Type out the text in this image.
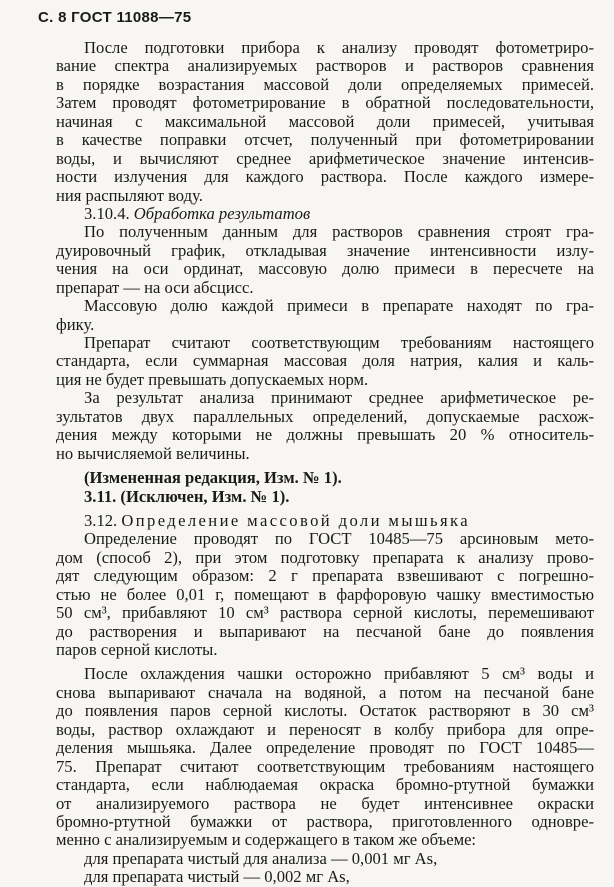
С. 8 ГОСТ 11088—75
После подготовки прибора к анализу проводят фотометриро-
вание спектра анализируемых растворов и растворов сравнения
в порядке возрастания массовой доли определяемых примесей.
Затем проводят фотометрирование в обратной последовательности,
начиная с максимальной массовой доли примесей, учитывая
в качестве поправки отсчет, полученный при фотометрировании
воды, и вычисляют среднее арифметическое значение интенсив-
ности излучения для каждого раствора. После каждого измере-
ния распыляют воду.
3.10.4. Обработка результатов
По полученным данным для растворов сравнения строят гра-
дуировочный график, откладывая значение интенсивности излу-
чения на оси ординат, массовую долю примеси в пересчете на
препарат — на оси абсцисс.
Массовую долю каждой примеси в препарате находят по гра-
фику.
Препарат считают соответствующим требованиям настоящего
стандарта, если суммарная массовая доля натрия, калия и каль-
ция не будет превышать допускаемых норм.
За результат анализа принимают среднее арифметическое ре-
зультатов двух параллельных определений, допускаемые расхож-
дения между которыми не должны превышать 20 % относитель-
но вычисляемой величины.
(Измененная редакция, Изм. № 1).
3.11. (Исключен, Изм. № 1).
3.12. Определение массовой доли мышьяка
Определение проводят по ГОСТ 10485—75 арсиновым мето-
дом (способ 2), при этом подготовку препарата к анализу прово-
дят следующим образом: 2 г препарата взвешивают с погрешно-
стью не более 0,01 г, помещают в фарфоровую чашку вместимостью
50 см³, прибавляют 10 см³ раствора серной кислоты, перемешивают
до растворения и выпаривают на песчаной бане до появления
паров серной кислоты.
После охлаждения чашки осторожно прибавляют 5 см³ воды и
снова выпаривают сначала на водяной, а потом на песчаной бане
до появления паров серной кислоты. Остаток растворяют в 30 см³
воды, раствор охлаждают и переносят в колбу прибора для опре-
деления мышьяка. Далее определение проводят по ГОСТ 10485—
75. Препарат считают соответствующим требованиям настоящего
стандарта, если наблюдаемая окраска бромно-ртутной бумажки
от анализируемого раствора не будет интенсивнее окраски
бромно-ртутной бумажки от раствора, приготовленного одновре-
менно с анализируемым и содержащего в таком же объеме:
для препарата чистый для анализа — 0,001 мг As,
для препарата чистый — 0,002 мг As,
